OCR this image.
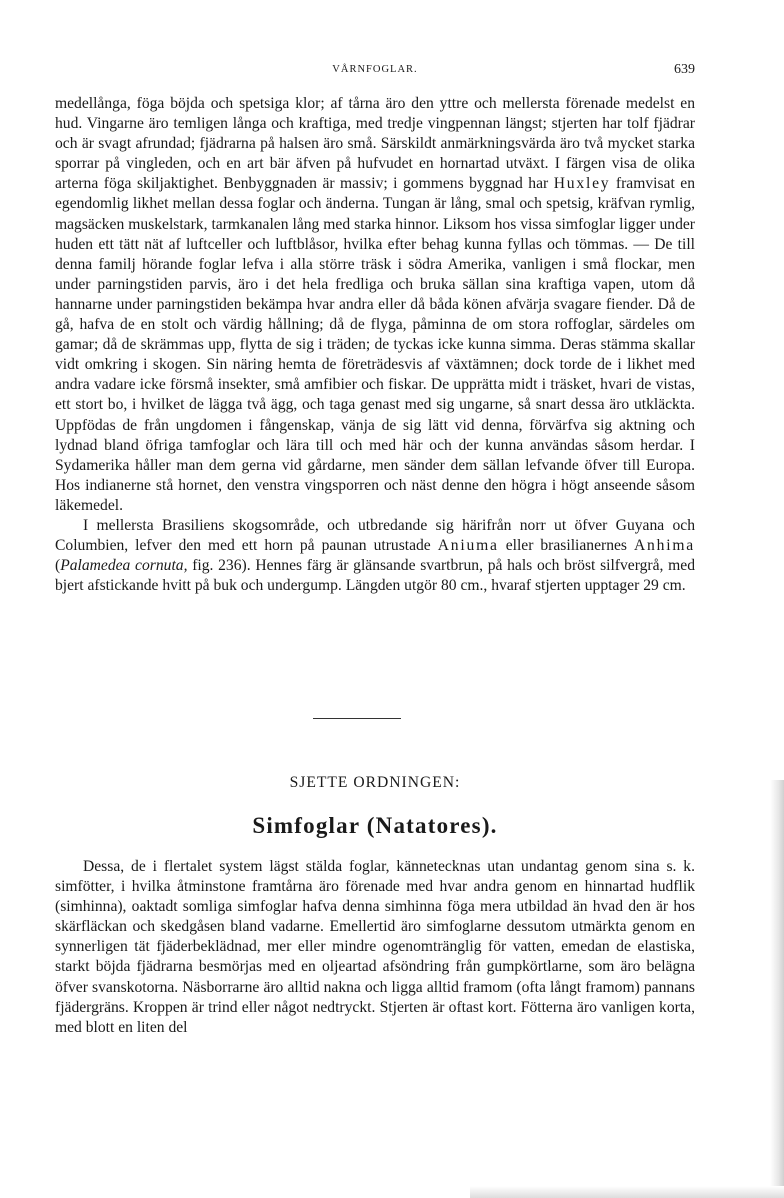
VÅRNFOGLAR.	639

medellånga, föga böjda och spetsiga klor; af tårna äro den yttre och mellersta förenade medelst en hud. Vingarne äro temligen långa och kraftiga, med tredje vingpennan längst; stjerten har tolf fjädrar och är svagt afrundad; fjädrarna på halsen äro små. Särskildt anmärkningsvärda äro två mycket starka sporrar på vingleden, och en art bär äfven på hufvudet en hornartad utväxt. I färgen visa de olika arterna föga skiljaktighet. Benbyggnaden är massiv; i gommens byggnad har Huxley framvisat en egendomlig likhet mellan dessa foglar och änderna. Tungan är lång, smal och spetsig, kräfvan rymlig, magsäcken muskelstark, tarmkanalen lång med starka hinnor. Liksom hos vissa simfoglar ligger under huden ett tätt nät af luftceller och luftblåsor, hvilka efter behag kunna fyllas och tömmas. — De till denna familj hörande foglar lefva i alla större träsk i södra Amerika, vanligen i små flockar, men under parningstiden parvis, äro i det hela fredliga och bruka sällan sina kraftiga vapen, utom då hannarne under parningstiden bekämpa hvar andra eller då båda könen afvärja svagare fiender. Då de gå, hafva de en stolt och värdig hållning; då de flyga, påminna de om stora roffoglar, särdeles om gamar; då de skrämmas upp, flytta de sig i träden; de tyckas icke kunna simma. Deras stämma skallar vidt omkring i skogen. Sin näring hemta de företrädesvis af växtämnen; dock torde de i likhet med andra vadare icke försmå insekter, små amfibier och fiskar. De upprätta midt i träsket, hvari de vistas, ett stort bo, i hvilket de lägga två ägg, och taga genast med sig ungarne, så snart dessa äro utkläckta. Uppfödas de från ungdomen i fångenskap, vänja de sig lätt vid denna, förvärfva sig aktning och lydnad bland öfriga tamfoglar och lära till och med här och der kunna användas såsom herdar. I Sydamerika håller man dem gerna vid gårdarne, men sänder dem sällan lefvande öfver till Europa. Hos indianerne stå hornet, den venstra vingsporren och näst denne den högra i högt anseende såsom läkemedel.

I mellersta Brasiliens skogsområde, och utbredande sig härifrån norr ut öfver Guyana och Columbien, lefver den med ett horn på paunan utrustade Aniuma eller brasilianernes Anhima (Palamedea cornuta, fig. 236). Hennes färg är glänsande svartbrun, på hals och bröst silfvergrå, med bjert afstickande hvitt på buk och undergump. Längden utgör 80 cm., hvaraf stjerten upptager 29 cm.

SJETTE ORDNINGEN:
Simfoglar (Natatores).

Dessa, de i flertalet system lägst stälda foglar, kännetecknas utan undantag genom sina s. k. simfötter, i hvilka åtminstone framtårna äro förenade med hvar andra genom en hinnartad hudflik (simhinna), oaktadt somliga simfoglar hafva denna simhinna föga mera utbildad än hvad den är hos skärfläckan och skedgåsen bland vadarne. Emellertid äro simfoglarne dessutom utmärkta genom en synnerligen tät fjäderbeklädnad, mer eller mindre ogenomtränglig för vatten, emedan de elastiska, starkt böjda fjädrarna besmörjas med en oljeartad afsöndring från gumpkörtlarne, som äro belägna öfver svanskotorna. Näsborrarne äro alltid nakna och ligga alltid framom (ofta långt framom) pannans fjädergräns. Kroppen är trind eller något nedtryckt. Stjerten är oftast kort. Fötterna äro vanligen korta, med blott en liten del
